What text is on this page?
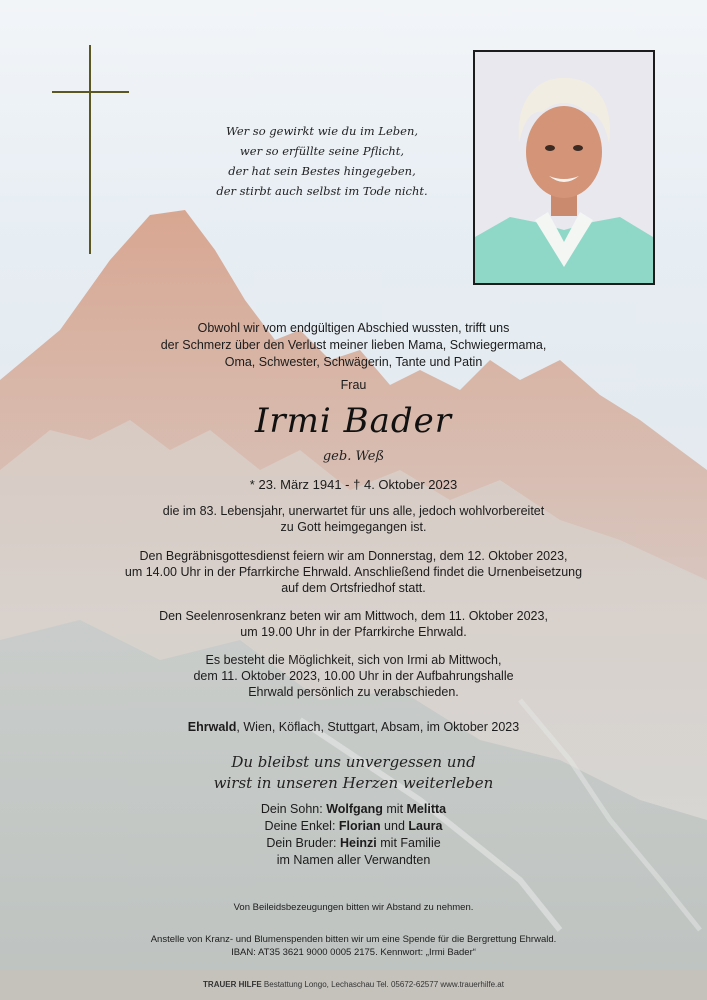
Wer so gewirkt wie du im Leben,
wer so erfüllte seine Pflicht,
der hat sein Bestes hingegeben,
der stirbt auch selbst im Tode nicht.
Obwohl wir vom endgültigen Abschied wussten, trifft uns
der Schmerz über den Verlust meiner lieben Mama, Schwiegermama,
Oma, Schwester, Schwägerin, Tante und Patin
Frau
Irmi Bader
geb. Weß
* 23. März 1941 - † 4. Oktober 2023
die im 83. Lebensjahr, unerwartet für uns alle, jedoch wohlvorbereitet
zu Gott heimgegangen ist.
Den Begräbnisgottesdienst feiern wir am Donnerstag, dem 12. Oktober 2023,
um 14.00 Uhr in der Pfarrkirche Ehrwald. Anschließend findet die Urnenbeisetzung
auf dem Ortsfriedhof statt.
Den Seelenrosenkranz beten wir am Mittwoch, dem 11. Oktober 2023,
um 19.00 Uhr in der Pfarrkirche Ehrwald.
Es besteht die Möglichkeit, sich von Irmi ab Mittwoch,
dem 11. Oktober 2023, 10.00 Uhr in der Aufbahrungshalle
Ehrwald persönlich zu verabschieden.
Ehrwald, Wien, Köflach, Stuttgart, Absam, im Oktober 2023
Du bleibst uns unvergessen und
wirst in unseren Herzen weiterleben
Dein Sohn: Wolfgang mit Melitta
Deine Enkel: Florian und Laura
Dein Bruder: Heinzi mit Familie
im Namen aller Verwandten
Von Beileidsbezeugungen bitten wir Abstand zu nehmen.
Anstelle von Kranz- und Blumenspenden bitten wir um eine Spende für die Bergrettung Ehrwald.
IBAN: AT35 3621 9000 0005 2175. Kennwort: „Irmi Bader“
TRAUER HILFE Bestattung Longo, Lechaschau Tel. 05672-62577 www.trauerhilfe.at
